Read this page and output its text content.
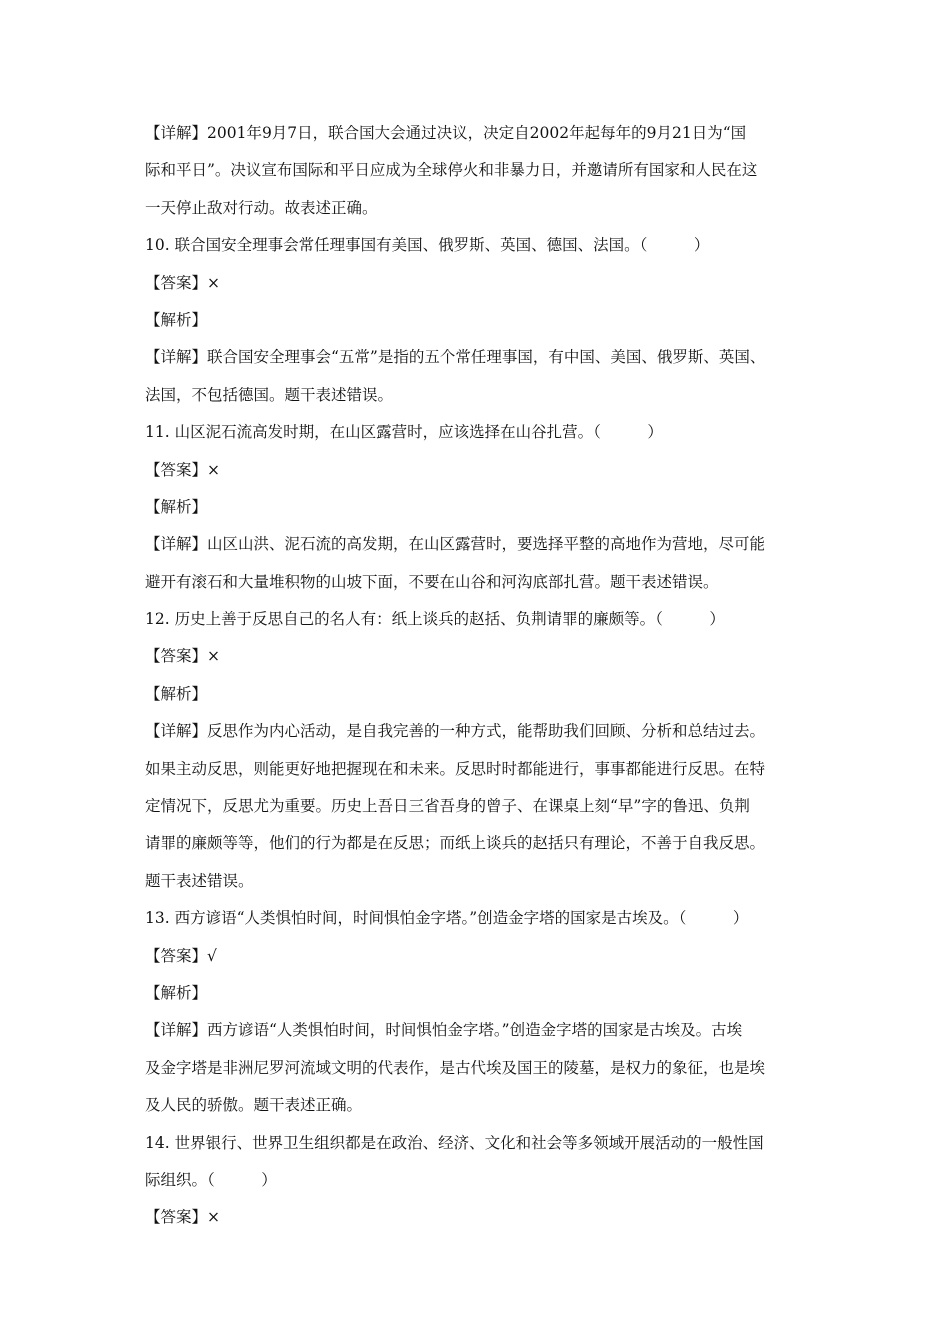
【详解】2001年9月7日，联合国大会通过决议，决定自2002年起每年的9月21日为“国
际和平日”。决议宣布国际和平日应成为全球停火和非暴力日，并邀请所有国家和人民在这
一天停止敌对行动。故表述正确。
10. 联合国安全理事会常任理事国有美国、俄罗斯、英国、德国、法国。（　　　）
【答案】×
【解析】
【详解】联合国安全理事会“五常”是指的五个常任理事国，有中国、美国、俄罗斯、英国、
法国，不包括德国。题干表述错误。
11. 山区泥石流高发时期，在山区露营时，应该选择在山谷扎营。（　　　）
【答案】×
【解析】
【详解】山区山洪、泥石流的高发期，在山区露营时，要选择平整的高地作为营地，尽可能
避开有滚石和大量堆积物的山坡下面，不要在山谷和河沟底部扎营。题干表述错误。
12. 历史上善于反思自己的名人有：纸上谈兵的赵括、负荆请罪的廉颇等。（　　　）
【答案】×
【解析】
【详解】反思作为内心活动，是自我完善的一种方式，能帮助我们回顾、分析和总结过去。
如果主动反思，则能更好地把握现在和未来。反思时时都能进行，事事都能进行反思。在特
定情况下，反思尤为重要。历史上吾日三省吾身的曾子、在课桌上刻“早”字的鲁迅、负荆
请罪的廉颇等等，他们的行为都是在反思；而纸上谈兵的赵括只有理论，不善于自我反思。
题干表述错误。
13. 西方谚语“人类惧怕时间，时间惧怕金字塔。”创造金字塔的国家是古埃及。（　　　）
【答案】√
【解析】
【详解】西方谚语“人类惧怕时间，时间惧怕金字塔。”创造金字塔的国家是古埃及。古埃
及金字塔是非洲尼罗河流域文明的代表作，是古代埃及国王的陵墓，是权力的象征，也是埃
及人民的骄傲。题干表述正确。
14. 世界银行、世界卫生组织都是在政治、经济、文化和社会等多领域开展活动的一般性国
际组织。（　　　）
【答案】×
